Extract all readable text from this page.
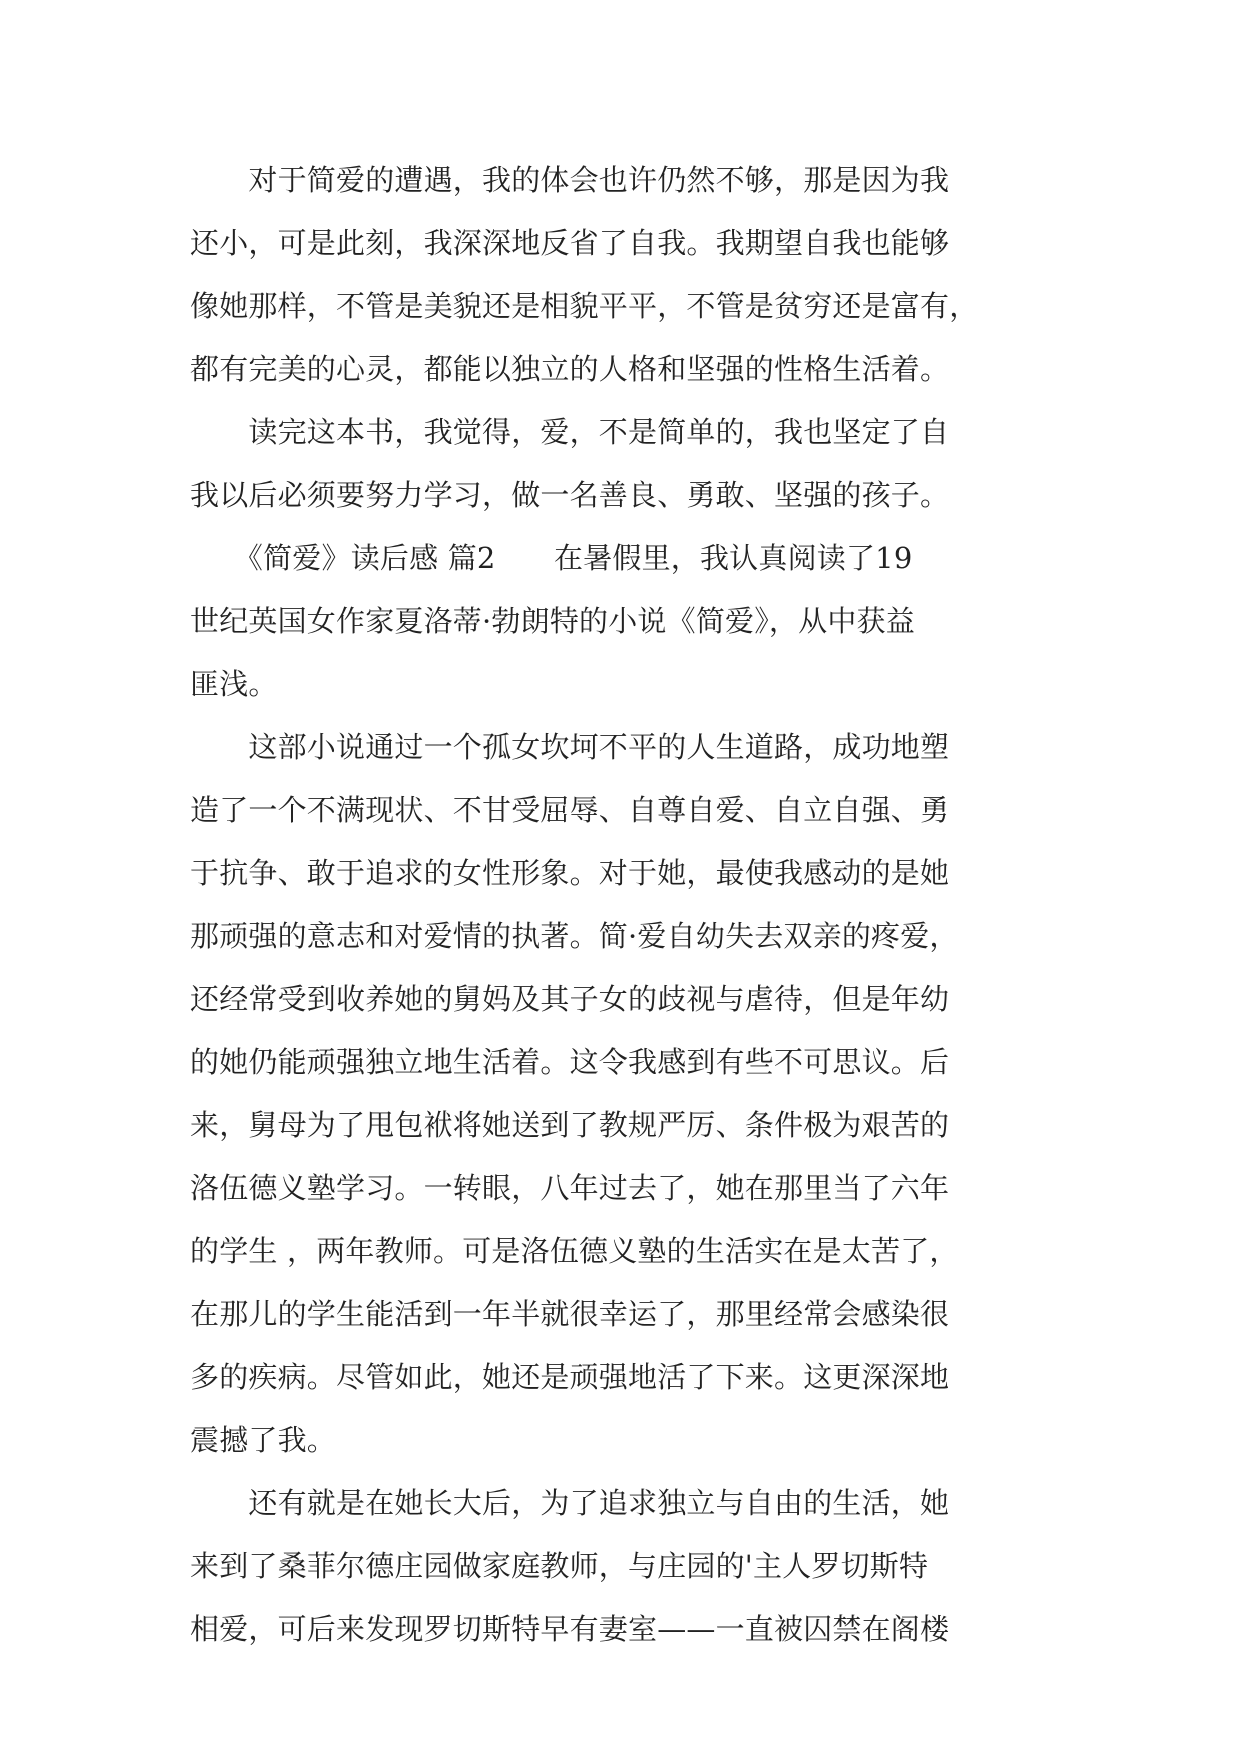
　　对于简爱的遭遇，我的体会也许仍然不够，那是因为我
还小，可是此刻，我深深地反省了自我。我期望自我也能够
像她那样，不管是美貌还是相貌平平，不管是贫穷还是富有，
都有完美的心灵，都能以独立的人格和坚强的性格生活着。
　　读完这本书，我觉得，爱，不是简单的，我也坚定了自
我以后必须要努力学习，做一名善良、勇敢、坚强的孩子。
　　《简爱》读后感 篇2　　在暑假里，我认真阅读了19
世纪英国女作家夏洛蒂·勃朗特的小说《简爱》，从中获益
匪浅。
　　这部小说通过一个孤女坎坷不平的人生道路，成功地塑
造了一个不满现状、不甘受屈辱、自尊自爱、自立自强、勇
于抗争、敢于追求的女性形象。对于她，最使我感动的是她
那顽强的意志和对爱情的执著。简·爱自幼失去双亲的疼爱，
还经常受到收养她的舅妈及其子女的歧视与虐待，但是年幼
的她仍能顽强独立地生活着。这令我感到有些不可思议。后
来，舅母为了甩包袱将她送到了教规严厉、条件极为艰苦的
洛伍德义塾学习。一转眼，八年过去了，她在那里当了六年
的学生 ，两年教师。可是洛伍德义塾的生活实在是太苦了，
在那儿的学生能活到一年半就很幸运了，那里经常会感染很
多的疾病。尽管如此，她还是顽强地活了下来。这更深深地
震撼了我。
　　还有就是在她长大后，为了追求独立与自由的生活，她
来到了桑菲尔德庄园做家庭教师，与庄园的'主人罗切斯特
相爱，可后来发现罗切斯特早有妻室——一直被囚禁在阁楼
